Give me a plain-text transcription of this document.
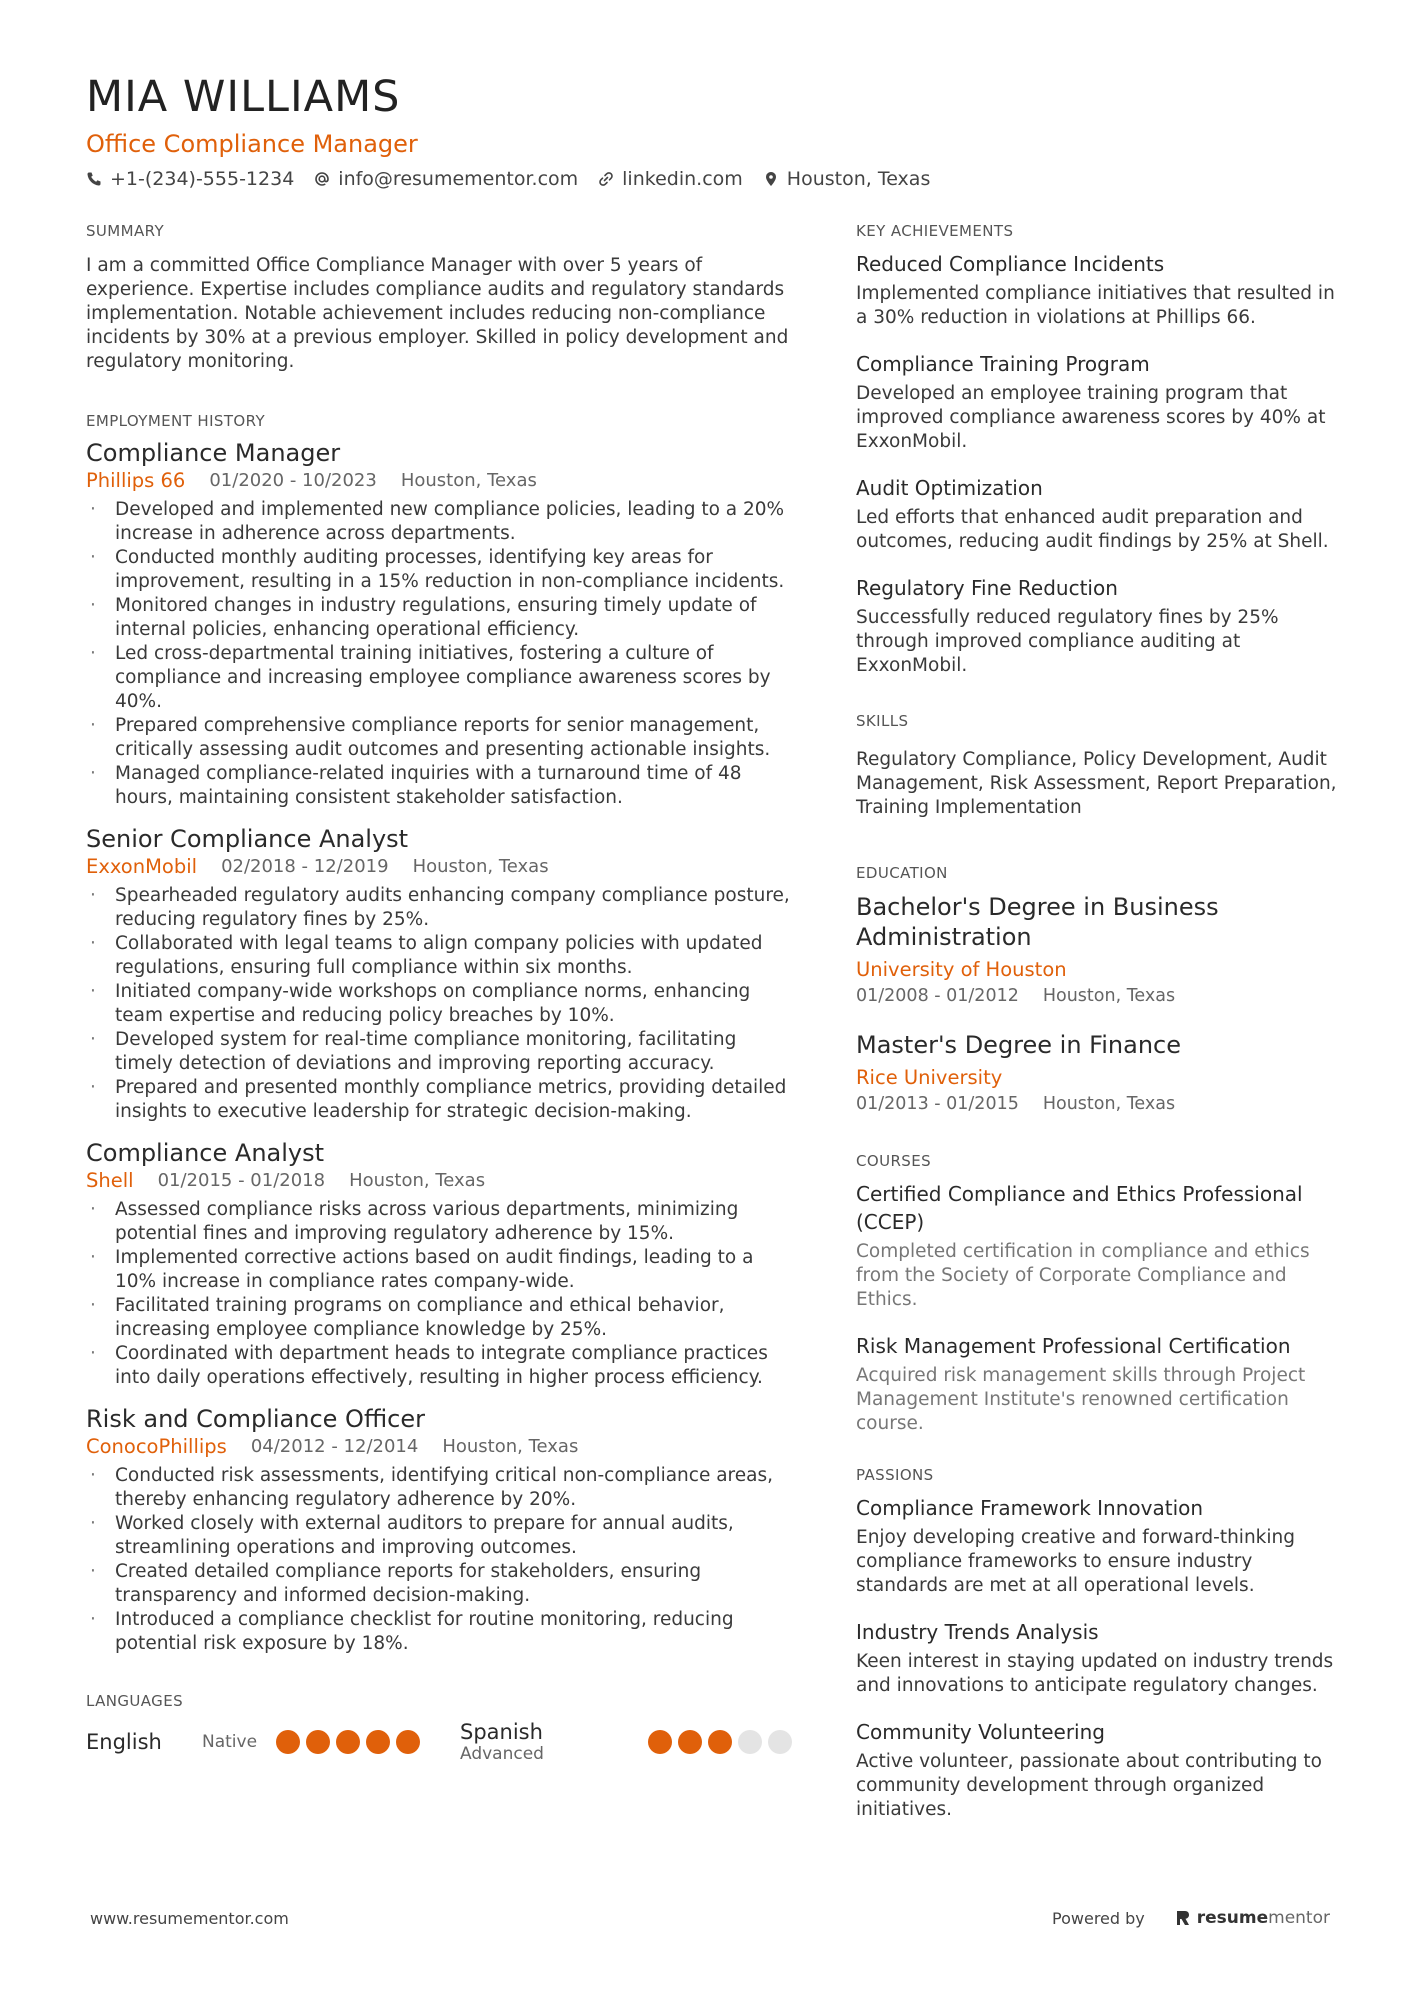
MIA WILLIAMS
Office Compliance Manager
+1-(234)-555-1234 info@resumementor.com linkedin.com Houston, Texas
SUMMARY

I am a committed Office Compliance Manager with over 5 years of experience. Expertise includes compliance audits and regulatory standards implementation. Notable achievement includes reducing non-compliance incidents by 30% at a previous employer. Skilled in policy development and regulatory monitoring.

EMPLOYMENT HISTORY
Compliance Manager
Phillips 66 01/2020 - 10/2023 Houston, Texas
· Developed and implemented new compliance policies, leading to a 20% increase in adherence across departments.
· Conducted monthly auditing processes, identifying key areas for improvement, resulting in a 15% reduction in non-compliance incidents.
· Monitored changes in industry regulations, ensuring timely update of internal policies, enhancing operational efficiency.
· Led cross-departmental training initiatives, fostering a culture of compliance and increasing employee compliance awareness scores by 40%.
· Prepared comprehensive compliance reports for senior management, critically assessing audit outcomes and presenting actionable insights.
· Managed compliance-related inquiries with a turnaround time of 48 hours, maintaining consistent stakeholder satisfaction.
Senior Compliance Analyst
ExxonMobil 02/2018 - 12/2019 Houston, Texas
· Spearheaded regulatory audits enhancing company compliance posture, reducing regulatory fines by 25%.
· Collaborated with legal teams to align company policies with updated regulations, ensuring full compliance within six months.
· Initiated company-wide workshops on compliance norms, enhancing team expertise and reducing policy breaches by 10%.
· Developed system for real-time compliance monitoring, facilitating timely detection of deviations and improving reporting accuracy.
· Prepared and presented monthly compliance metrics, providing detailed insights to executive leadership for strategic decision-making.
Compliance Analyst
Shell 01/2015 - 01/2018 Houston, Texas
· Assessed compliance risks across various departments, minimizing potential fines and improving regulatory adherence by 15%.
· Implemented corrective actions based on audit findings, leading to a 10% increase in compliance rates company-wide.
· Facilitated training programs on compliance and ethical behavior, increasing employee compliance knowledge by 25%.
· Coordinated with department heads to integrate compliance practices into daily operations effectively, resulting in higher process efficiency.
Risk and Compliance Officer
ConocoPhillips 04/2012 - 12/2014 Houston, Texas
· Conducted risk assessments, identifying critical non-compliance areas, thereby enhancing regulatory adherence by 20%.
· Worked closely with external auditors to prepare for annual audits, streamlining operations and improving outcomes.
· Created detailed compliance reports for stakeholders, ensuring transparency and informed decision-making.
· Introduced a compliance checklist for routine monitoring, reducing potential risk exposure by 18%.
LANGUAGES
English	Native	Spanish
Advanced
KEY ACHIEVEMENTS
Reduced Compliance Incidents
Implemented compliance initiatives that resulted in a 30% reduction in violations at Phillips 66.
Compliance Training Program
Developed an employee training program that improved compliance awareness scores by 40% at ExxonMobil.
Audit Optimization
Led efforts that enhanced audit preparation and outcomes, reducing audit findings by 25% at Shell.
Regulatory Fine Reduction
Successfully reduced regulatory fines by 25% through improved compliance auditing at ExxonMobil.
SKILLS

Regulatory Compliance, Policy Development, Audit Management, Risk Assessment, Report Preparation, Training Implementation

EDUCATION
Bachelor's Degree in Business Administration
University of Houston
01/2008 - 01/2012 Houston, Texas
Master's Degree in Finance
Rice University
01/2013 - 01/2015 Houston, Texas
COURSES
Certified Compliance and Ethics Professional (CCEP)
Completed certification in compliance and ethics from the Society of Corporate Compliance and Ethics.
Risk Management Professional Certification
Acquired risk management skills through Project Management Institute's renowned certification course.
PASSIONS
Compliance Framework Innovation
Enjoy developing creative and forward-thinking compliance frameworks to ensure industry standards are met at all operational levels.
Industry Trends Analysis
Keen interest in staying updated on industry trends and innovations to anticipate regulatory changes.
Community Volunteering
Active volunteer, passionate about contributing to community development through organized initiatives.
www.resumementor.com	Powered by	resume mentor
